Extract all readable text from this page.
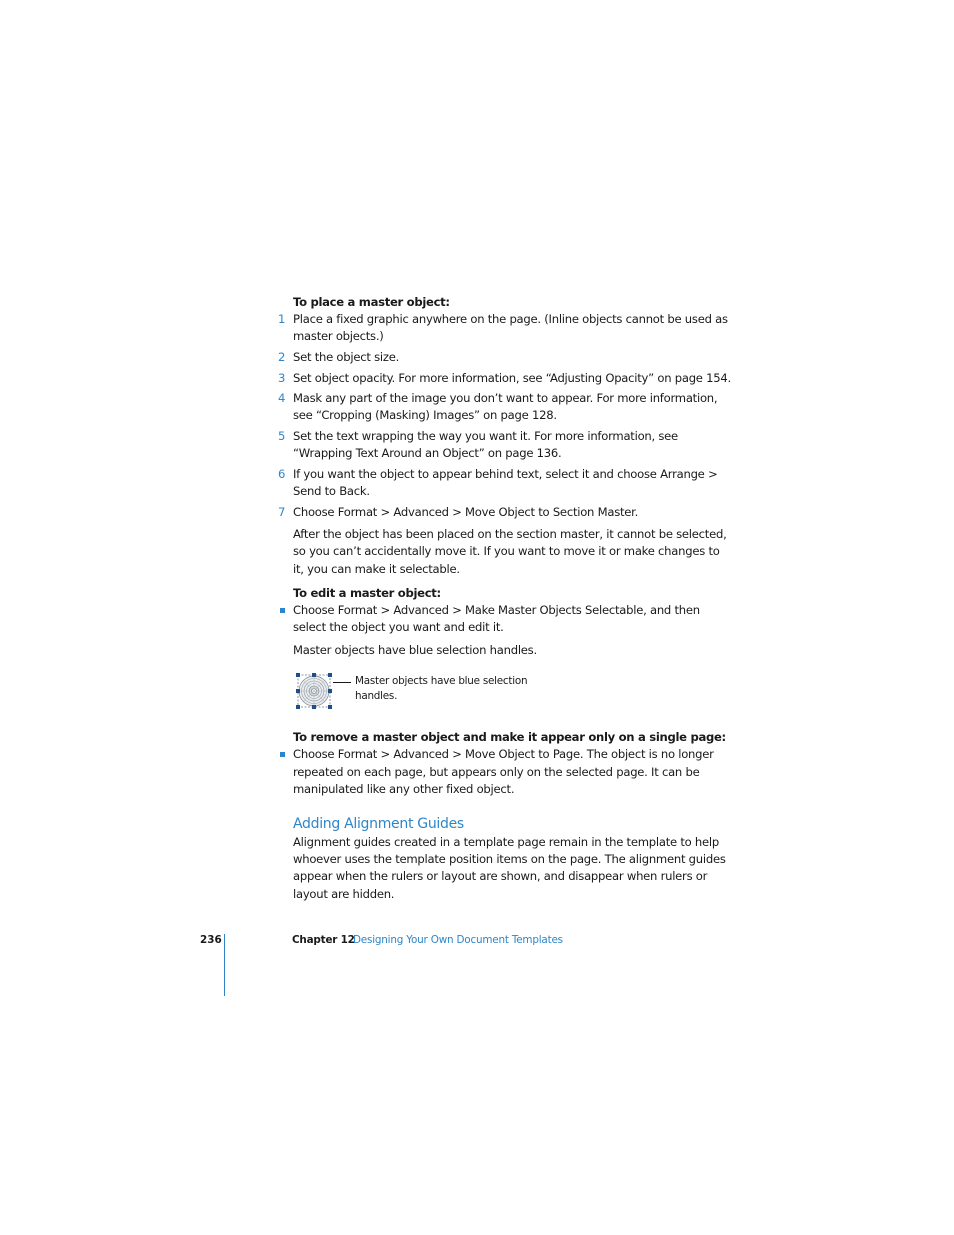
To place a master object:

1 Place a fixed graphic anywhere on the page. (Inline objects cannot be used as master objects.)
2 Set the object size.
3 Set object opacity. For more information, see “Adjusting Opacity” on page 154.
4 Mask any part of the image you don’t want to appear. For more information, see “Cropping (Masking) Images” on page 128.
5 Set the text wrapping the way you want it. For more information, see “Wrapping Text Around an Object” on page 136.
6 If you want the object to appear behind text, select it and choose Arrange > Send to Back.
7 Choose Format > Advanced > Move Object to Section Master.

After the object has been placed on the section master, it cannot be selected, so you can’t accidentally move it. If you want to move it or make changes to it, you can make it selectable.

To edit a master object:

Choose Format > Advanced > Make Master Objects Selectable, and then select the object you want and edit it.

Master objects have blue selection handles.

Master objects have blue selection handles.

To remove a master object and make it appear only on a single page:

Choose Format > Advanced > Move Object to Page. The object is no longer repeated on each page, but appears only on the selected page. It can be manipulated like any other fixed object.
Adding Alignment Guides

Alignment guides created in a template page remain in the template to help whoever uses the template position items on the page. The alignment guides appear when the rulers or layout are shown, and disappear when rulers or layout are hidden.

236	Chapter 12
Designing Your Own Document Templates
